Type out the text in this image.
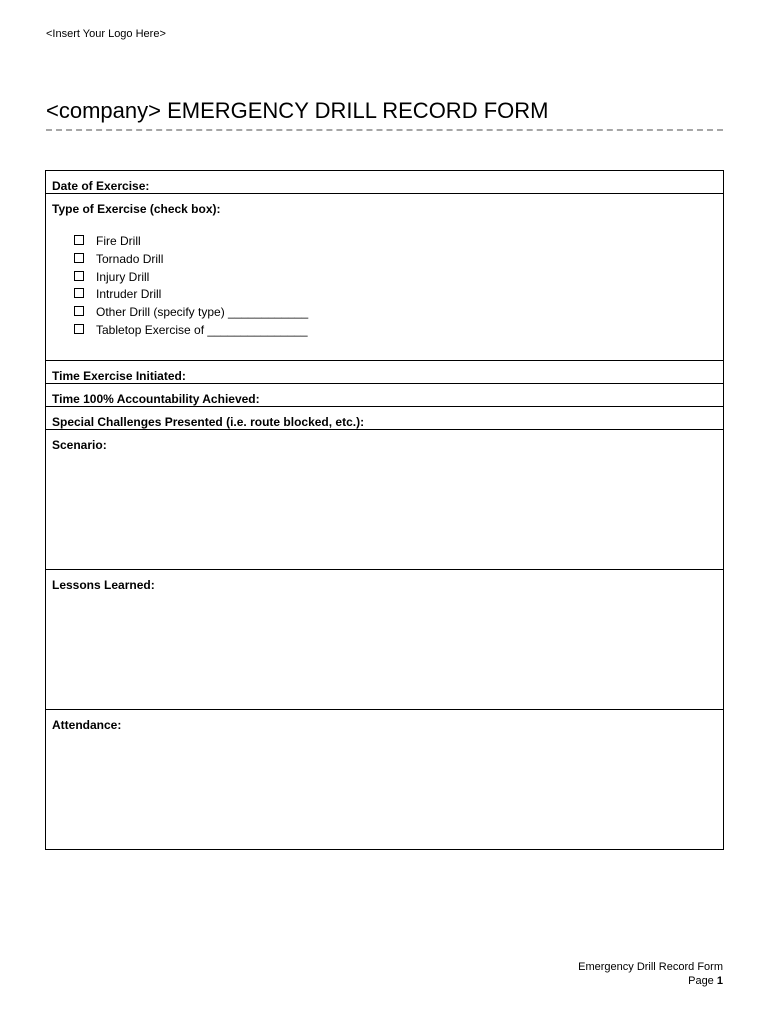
<Insert Your Logo Here>
<company> EMERGENCY DRILL RECORD FORM
Date of Exercise:

Type of Exercise (check box):
Fire Drill
Tornado Drill
Injury Drill
Intruder Drill
Other Drill (specify type) ____________
Tabletop Exercise of _______________

Time Exercise Initiated:

Time 100% Accountability Achieved:

Special Challenges Presented (i.e. route blocked, etc.):

Scenario:

Lessons Learned:

Attendance:
Emergency Drill Record Form
Page 1
